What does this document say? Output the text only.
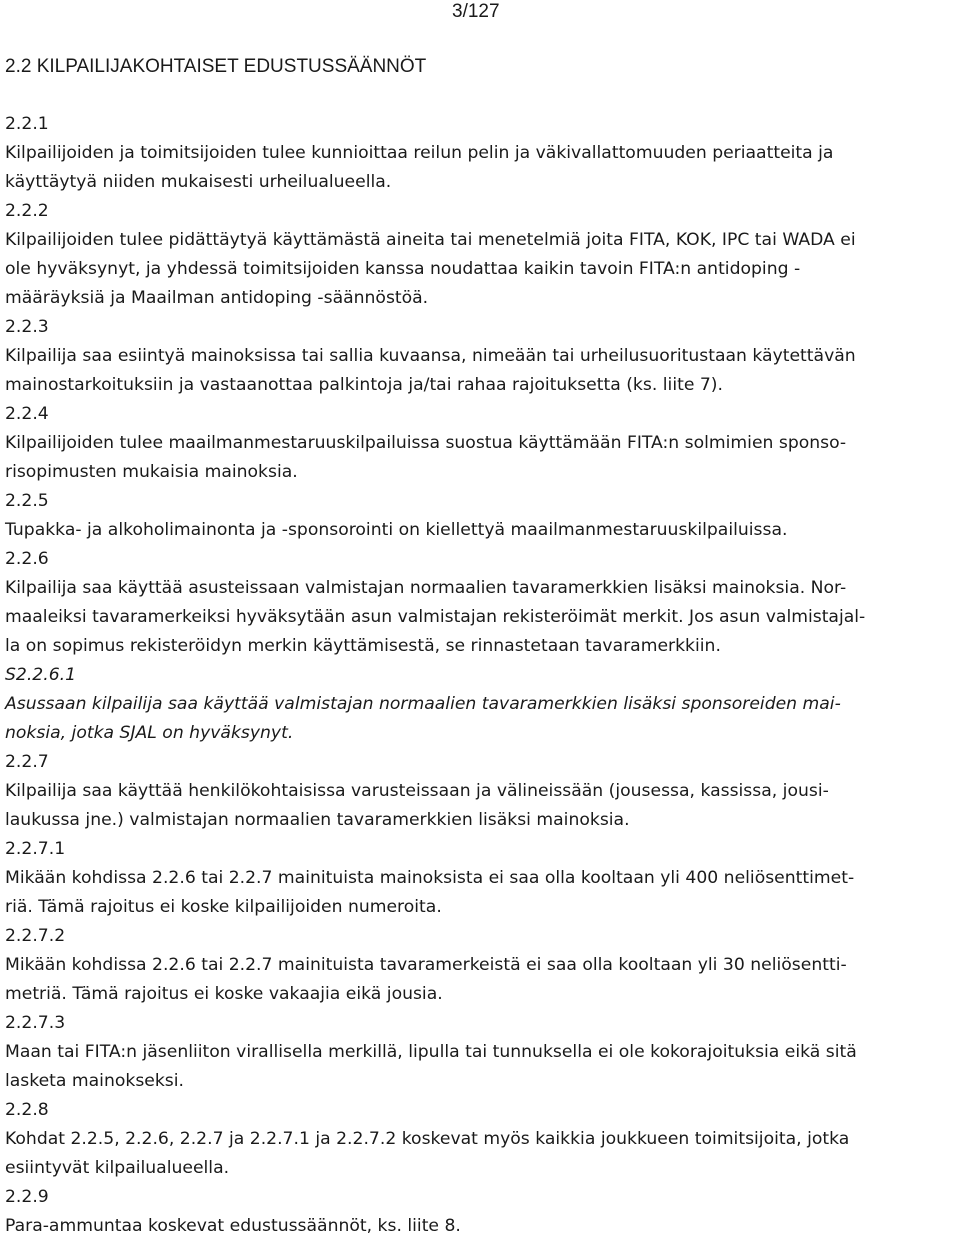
3/127

2.2 KILPAILIJAKOHTAISET EDUSTUSSÄÄNNÖT

2.2.1

Kilpailijoiden ja toimitsijoiden tulee kunnioittaa reilun pelin ja väkivallattomuuden periaatteita ja

käyttäytyä niiden mukaisesti urheilualueella.

2.2.2

Kilpailijoiden tulee pidättäytyä käyttämästä aineita tai menetelmiä joita FITA, KOK, IPC tai WADA ei

ole hyväksynyt, ja yhdessä toimitsijoiden kanssa noudattaa kaikin tavoin FITA:n antidoping -

määräyksiä ja Maailman antidoping -säännöstöä.

2.2.3

Kilpailija saa esiintyä mainoksissa tai sallia kuvaansa, nimeään tai urheilusuoritustaan käytettävän

mainostarkoituksiin ja vastaanottaa palkintoja ja/tai rahaa rajoituksetta (ks. liite 7).

2.2.4

Kilpailijoiden tulee maailmanmestaruuskilpailuissa suostua käyttämään FITA:n solmimien sponso-

risopimusten mukaisia mainoksia.

2.2.5

Tupakka- ja alkoholimainonta ja -sponsorointi on kiellettyä maailmanmestaruuskilpailuissa.

2.2.6

Kilpailija saa käyttää asusteissaan valmistajan normaalien tavaramerkkien lisäksi mainoksia. Nor-

maaleiksi tavaramerkeiksi hyväksytään asun valmistajan rekisteröimät merkit. Jos asun valmistajal-

la on sopimus rekisteröidyn merkin käyttämisestä, se rinnastetaan tavaramerkkiin.

S2.2.6.1

Asussaan kilpailija saa käyttää valmistajan normaalien tavaramerkkien lisäksi sponsoreiden mai-

noksia, jotka SJAL on hyväksynyt.

2.2.7

Kilpailija saa käyttää henkilökohtaisissa varusteissaan ja välineissään (jousessa, kassissa, jousi-

laukussa jne.) valmistajan normaalien tavaramerkkien lisäksi mainoksia.

2.2.7.1

Mikään kohdissa 2.2.6 tai 2.2.7 mainituista mainoksista ei saa olla kooltaan yli 400 neliösenttimet-

riä. Tämä rajoitus ei koske kilpailijoiden numeroita.

2.2.7.2

Mikään kohdissa 2.2.6 tai 2.2.7 mainituista tavaramerkeistä ei saa olla kooltaan yli 30 neliösentti-

metriä. Tämä rajoitus ei koske vakaajia eikä jousia.

2.2.7.3

Maan tai FITA:n jäsenliiton virallisella merkillä, lipulla tai tunnuksella ei ole kokorajoituksia eikä sitä

lasketa mainokseksi.

2.2.8

Kohdat 2.2.5, 2.2.6, 2.2.7 ja 2.2.7.1 ja 2.2.7.2 koskevat myös kaikkia joukkueen toimitsijoita, jotka

esiintyvät kilpailualueella.

2.2.9

Para-ammuntaa koskevat edustussäännöt, ks. liite 8.
